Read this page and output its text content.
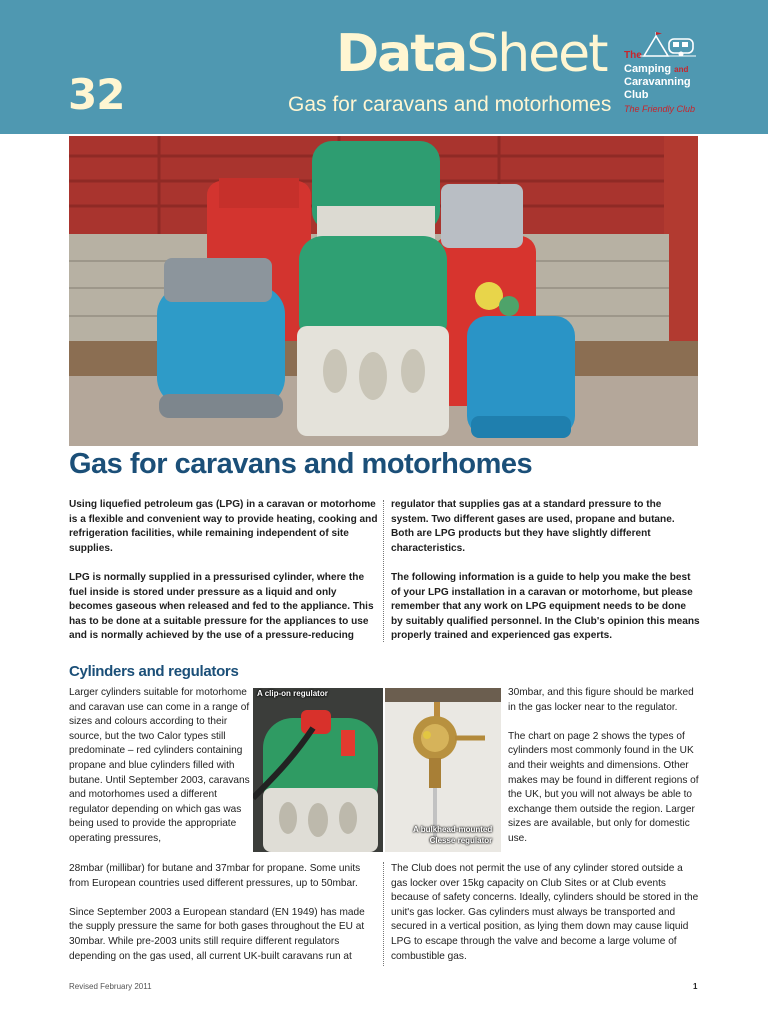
32
DataSheet
Gas for caravans and motorhomes
The
Camping and
Caravanning
Club
The Friendly Club
Gas for caravans and motorhomes

Using liquefied petroleum gas (LPG) in a caravan or motorhome is a flexible and convenient way to provide heating, cooking and refrigeration facilities, while remaining independent of site supplies.

LPG is normally supplied in a pressurised cylinder, where the fuel inside is stored under pressure as a liquid and only becomes gaseous when released and fed to the appliance. This has to be done at a suitable pressure for the appliances to use and is normally achieved by the use of a pressure-reducing

regulator that supplies gas at a standard pressure to the system. Two different gases are used, propane and butane. Both are LPG products but they have slightly different characteristics.

The following information is a guide to help you make the best of your LPG installation in a caravan or motorhome, but please remember that any work on LPG equipment needs to be done by suitably qualified personnel. In the Club's opinion this means properly trained and experienced gas experts.

Cylinders and regulators
Larger cylinders suitable for motorhome and caravan use can come in a range of sizes and colours according to their source, but the two Calor types still predominate – red cylinders containing propane and blue cylinders filled with butane. Until September 2003, caravans and motorhomes used a different regulator depending on which gas was being used to provide the appropriate operating pressures,
A clip-on regulator
A bulkhead-mounted
Clesse regulator

30mbar, and this figure should be marked in the gas locker near to the regulator.

The chart on page 2 shows the types of cylinders most commonly found in the UK and their weights and dimensions. Other makes may be found in different regions of the UK, but you will not always be able to exchange them outside the region. Larger sizes are available, but only for domestic use.

28mbar (millibar) for butane and 37mbar for propane. Some units from European countries used different pressures, up to 50mbar.

Since September 2003 a European standard (EN 1949) has made the supply pressure the same for both gases throughout the EU at 30mbar. While pre-2003 units still require different regulators depending on the gas used, all current UK-built caravans run at

The Club does not permit the use of any cylinder stored outside a gas locker over 15kg capacity on Club Sites or at Club events because of safety concerns. Ideally, cylinders should be stored in the unit's gas locker. Gas cylinders must always be transported and secured in a vertical position, as lying them down may cause liquid LPG to escape through the valve and become a large volume of combustible gas.
Revised February 2011	1
